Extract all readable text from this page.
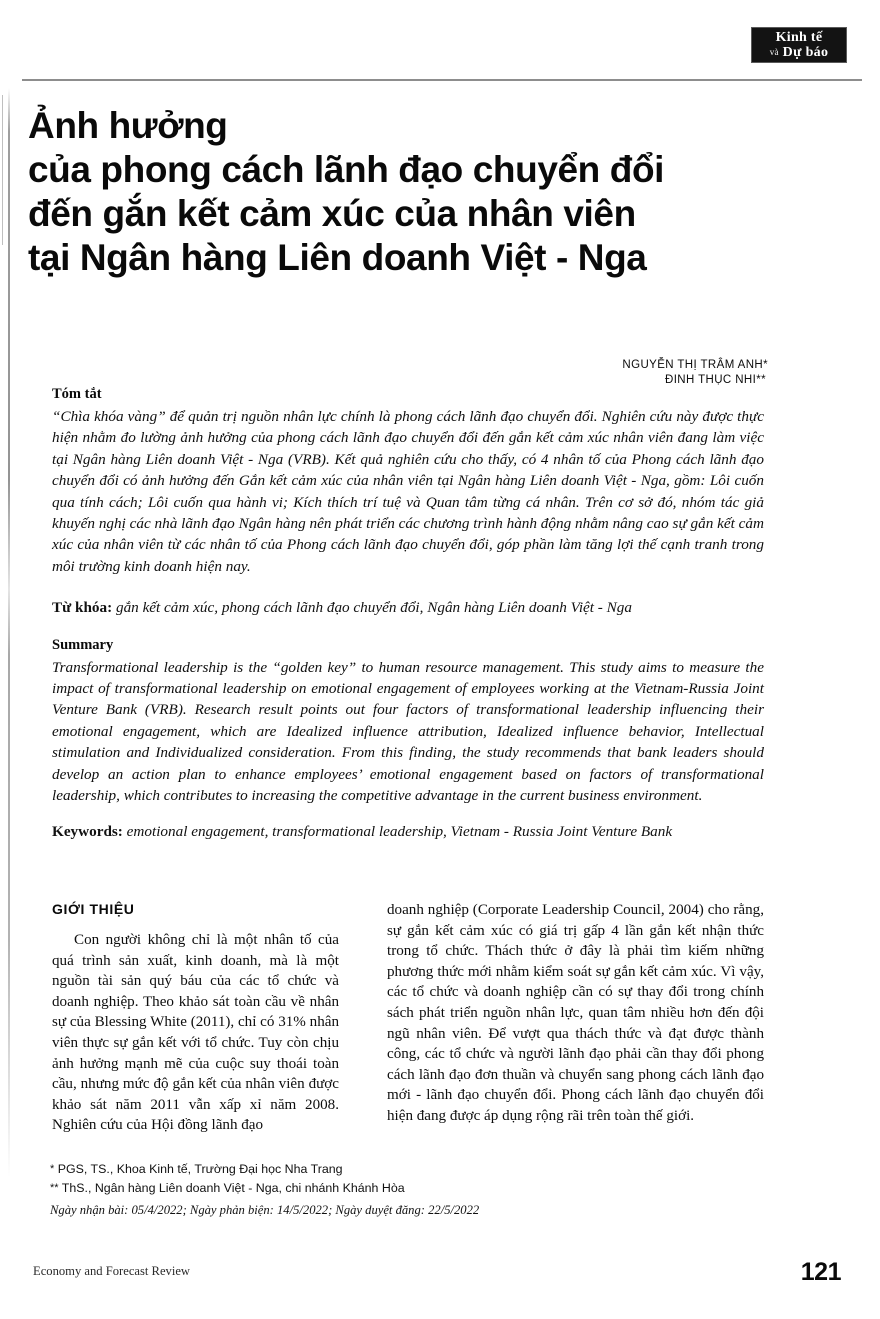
Kinh tế
và Dự báo
Ảnh hưởng
của phong cách lãnh đạo chuyển đổi
đến gắn kết cảm xúc của nhân viên
tại Ngân hàng Liên doanh Việt - Nga
NGUYỄN THỊ TRÂM ANH*
ĐINH THỤC NHI**
Tóm tắt

“Chìa khóa vàng” để quản trị nguồn nhân lực chính là phong cách lãnh đạo chuyển đổi. Nghiên cứu này được thực hiện nhằm đo lường ảnh hưởng của phong cách lãnh đạo chuyển đổi đến gắn kết cảm xúc nhân viên đang làm việc tại Ngân hàng Liên doanh Việt - Nga (VRB). Kết quả nghiên cứu cho thấy, có 4 nhân tố của Phong cách lãnh đạo chuyển đổi có ảnh hưởng đến Gắn kết cảm xúc của nhân viên tại Ngân hàng Liên doanh Việt - Nga, gồm: Lôi cuốn qua tính cách; Lôi cuốn qua hành vi; Kích thích trí tuệ và Quan tâm từng cá nhân. Trên cơ sở đó, nhóm tác giả khuyến nghị các nhà lãnh đạo Ngân hàng nên phát triển các chương trình hành động nhằm nâng cao sự gắn kết cảm xúc của nhân viên từ các nhân tố của Phong cách lãnh đạo chuyển đổi, góp phần làm tăng lợi thế cạnh tranh trong môi trường kinh doanh hiện nay.

Từ khóa: gắn kết cảm xúc, phong cách lãnh đạo chuyển đổi, Ngân hàng Liên doanh Việt - Nga

Summary

Transformational leadership is the “golden key” to human resource management. This study aims to measure the impact of transformational leadership on emotional engagement of employees working at the Vietnam-Russia Joint Venture Bank (VRB). Research result points out four factors of transformational leadership influencing their emotional engagement, which are Idealized influence attribution, Idealized influence behavior, Intellectual stimulation and Individualized consideration. From this finding, the study recommends that bank leaders should develop an action plan to enhance employees’ emotional engagement based on factors of transformational leadership, which contributes to increasing the competitive advantage in the current business environment.

Keywords: emotional engagement, transformational leadership, Vietnam - Russia Joint Venture Bank

GIỚI THIỆU

Con người không chỉ là một nhân tố của quá trình sản xuất, kinh doanh, mà là một nguồn tài sản quý báu của các tổ chức và doanh nghiệp. Theo khảo sát toàn cầu về nhân sự của Blessing White (2011), chỉ có 31% nhân viên thực sự gắn kết với tổ chức. Tuy còn chịu ảnh hưởng mạnh mẽ của cuộc suy thoái toàn cầu, nhưng mức độ gắn kết của nhân viên được khảo sát năm 2011 vẫn xấp xỉ năm 2008. Nghiên cứu của Hội đồng lãnh đạo

doanh nghiệp (Corporate Leadership Council, 2004) cho rằng, sự gắn kết cảm xúc có giá trị gấp 4 lần gắn kết nhận thức trong tổ chức. Thách thức ở đây là phải tìm kiếm những phương thức mới nhằm kiểm soát sự gắn kết cảm xúc. Vì vậy, các tổ chức và doanh nghiệp cần có sự thay đổi trong chính sách phát triển nguồn nhân lực, quan tâm nhiều hơn đến đội ngũ nhân viên. Để vượt qua thách thức và đạt được thành công, các tổ chức và người lãnh đạo phải cần thay đổi phong cách lãnh đạo đơn thuần và chuyển sang phong cách lãnh đạo mới - lãnh đạo chuyển đổi. Phong cách lãnh đạo chuyển đổi hiện đang được áp dụng rộng rãi trên toàn thế giới.

* PGS, TS., Khoa Kinh tế, Trường Đại học Nha Trang

** ThS., Ngân hàng Liên doanh Việt - Nga, chi nhánh Khánh Hòa

Ngày nhận bài: 05/4/2022; Ngày phản biện: 14/5/2022; Ngày duyệt đăng: 22/5/2022

Economy and Forecast Review	121
